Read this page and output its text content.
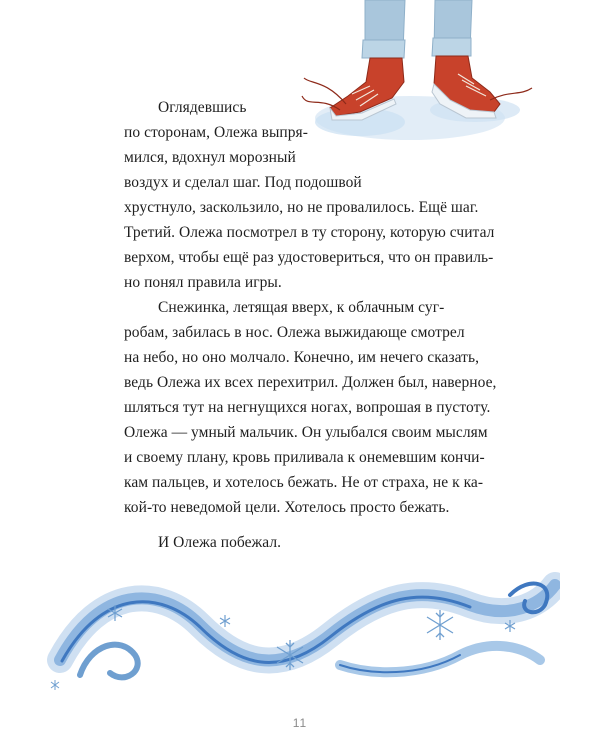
Оглядевшись
по сторонам, Олежа выпря-
мился, вдохнул морозный
воздух и сделал шаг. Под подошвой
хрустнуло, заскользило, но не провалилось. Ещё шаг.
Третий. Олежа посмотрел в ту сторону, которую считал
верхом, чтобы ещё раз удостовериться, что он правиль-
но понял правила игры.
Снежинка, летящая вверх, к облачным суг-
робам, забилась в нос. Олежа выжидающе смотрел
на небо, но оно молчало. Конечно, им нечего сказать,
ведь Олежа их всех перехитрил. Должен был, наверное,
шляться тут на негнущихся ногах, вопрошая в пустоту.
Олежа — умный мальчик. Он улыбался своим мыслям
и своему плану, кровь приливала к онемевшим кончи-
кам пальцев, и хотелось бежать. Не от страха, не к ка-
кой-то неведомой цели. Хотелось просто бежать.
И Олежа побежал.
11
